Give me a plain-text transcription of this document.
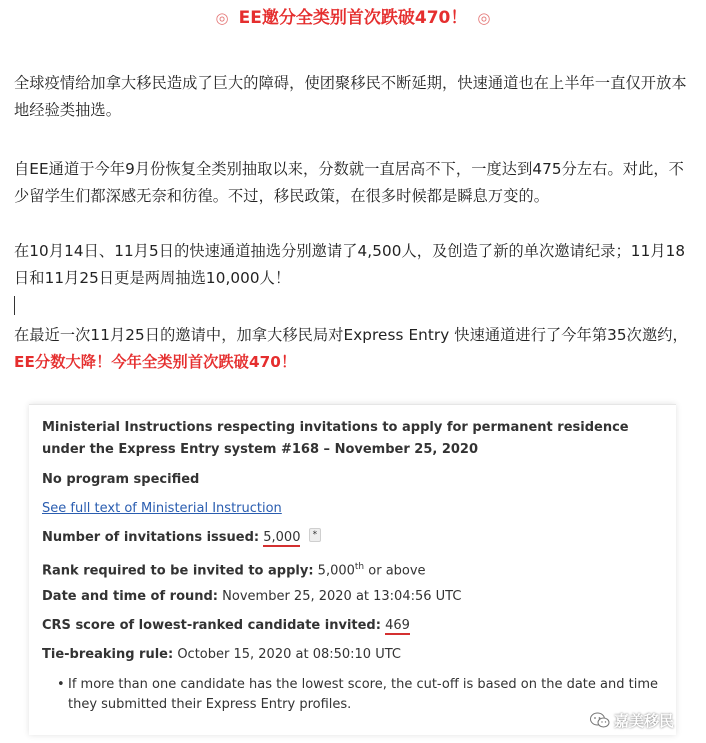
◎ EE邀分全类别首次跌破470！ ◎
全球疫情给加拿大移民造成了巨大的障碍，使团聚移民不断延期，快速通道也在上半年一直仅开放本地经验类抽选。
自EE通道于今年9月份恢复全类别抽取以来，分数就一直居高不下，一度达到475分左右。对此，不少留学生们都深感无奈和彷徨。不过，移民政策，在很多时候都是瞬息万变的。
在10月14日、11月5日的快速通道抽选分别邀请了4,500人，及创造了新的单次邀请纪录；11月18日和11月25日更是两周抽选10,000人！
在最近一次11月25日的邀请中，加拿大移民局对Express Entry 快速通道进行了今年第35次邀约，EE分数大降！今年全类别首次跌破470！
Ministerial Instructions respecting invitations to apply for permanent residence under the Express Entry system #168 – November 25, 2020
No program specified
See full text of Ministerial Instruction
Number of invitations issued: 5,000 *
Rank required to be invited to apply: 5,000th or above
Date and time of round: November 25, 2020 at 13:04:56 UTC
CRS score of lowest-ranked candidate invited: 469
Tie-breaking rule: October 15, 2020 at 08:50:10 UTC
• If more than one candidate has the lowest score, the cut-off is based on the date and time they submitted their Express Entry profiles.
嘉美移民
